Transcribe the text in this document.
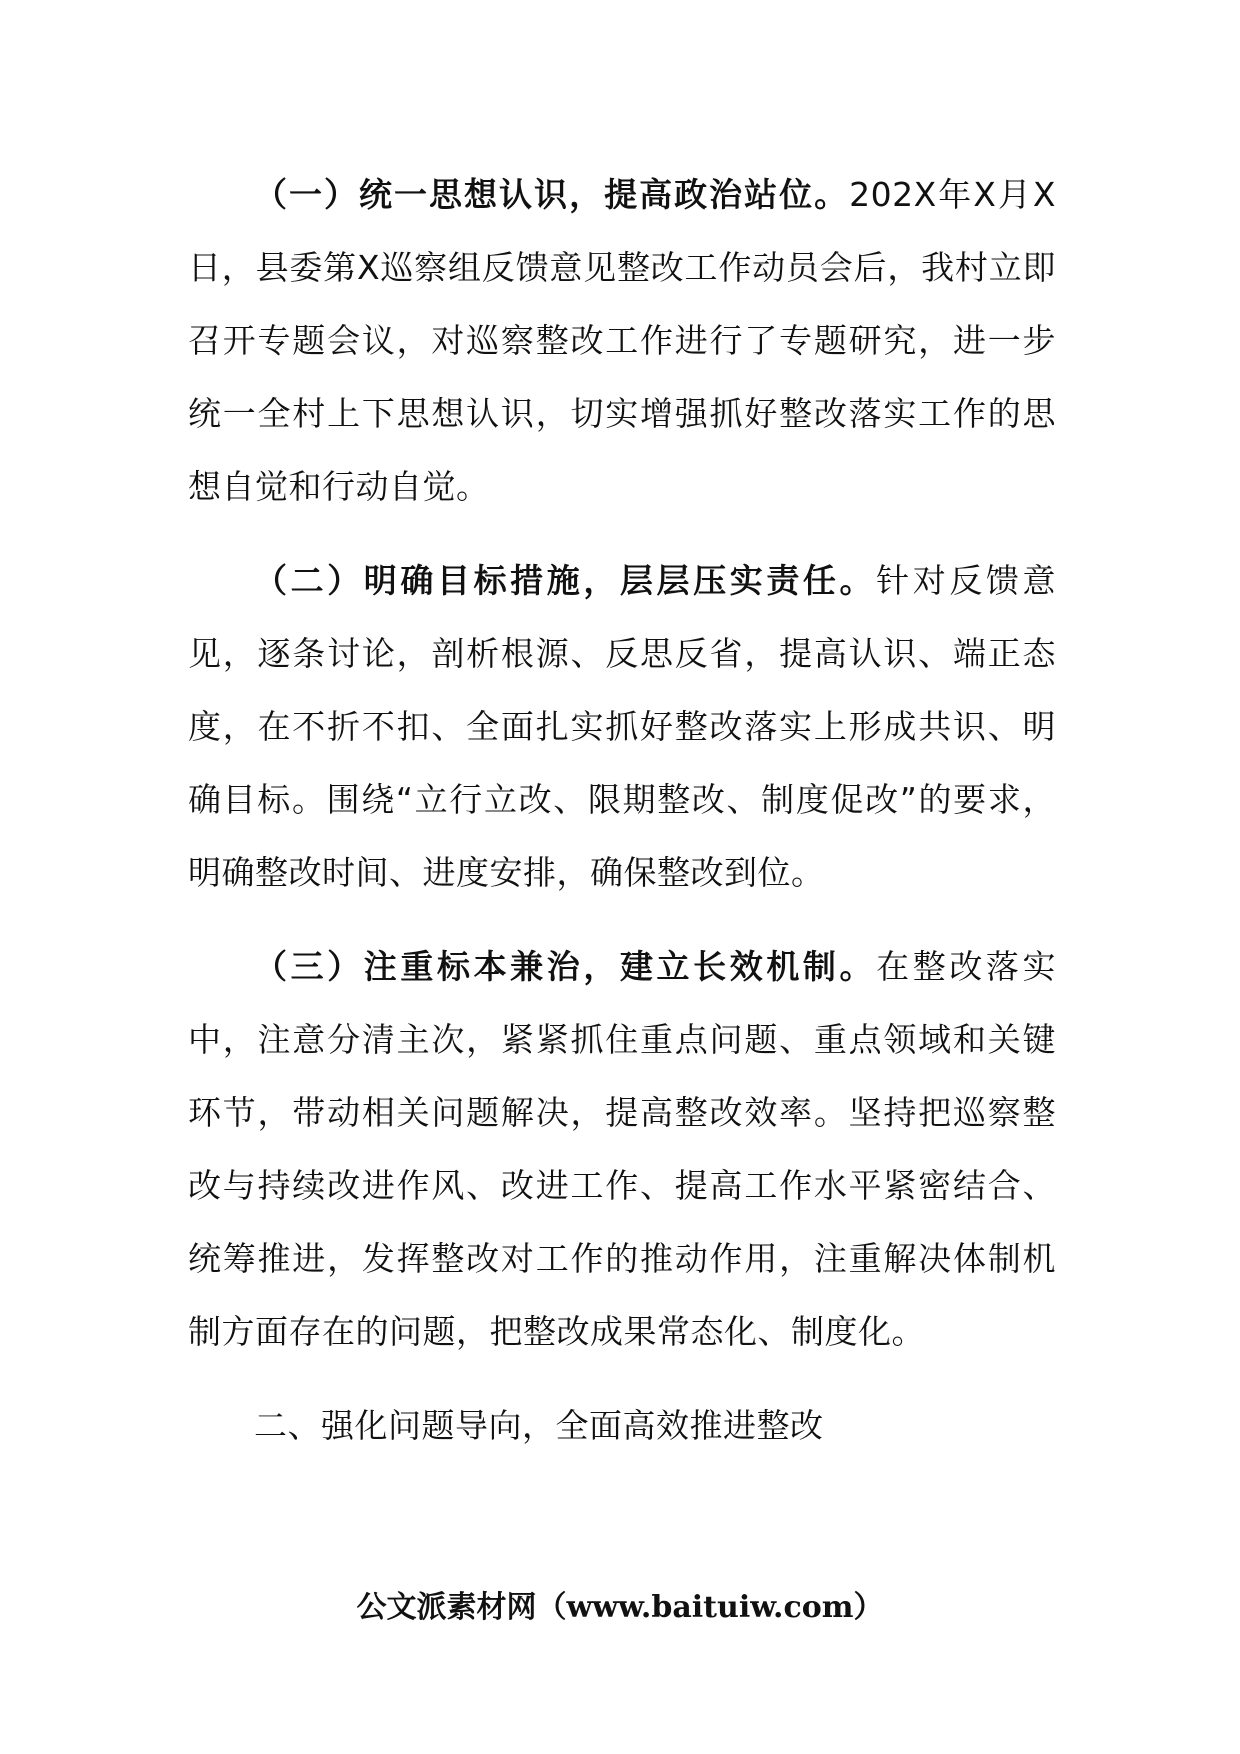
（一）统一思想认识，提高政治站位。202X年X月X日，县委第X巡察组反馈意见整改工作动员会后，我村立即召开专题会议，对巡察整改工作进行了专题研究，进一步统一全村上下思想认识，切实增强抓好整改落实工作的思想自觉和行动自觉。

（二）明确目标措施，层层压实责任。针对反馈意见，逐条讨论，剖析根源、反思反省，提高认识、端正态度，在不折不扣、全面扎实抓好整改落实上形成共识、明确目标。围绕“立行立改、限期整改、制度促改”的要求，明确整改时间、进度安排，确保整改到位。

（三）注重标本兼治，建立长效机制。在整改落实中，注意分清主次，紧紧抓住重点问题、重点领域和关键环节，带动相关问题解决，提高整改效率。坚持把巡察整改与持续改进作风、改进工作、提高工作水平紧密结合、统筹推进，发挥整改对工作的推动作用，注重解决体制机制方面存在的问题，把整改成果常态化、制度化。

二、强化问题导向，全面高效推进整改

公文派素材网（www.baituiw.com）
